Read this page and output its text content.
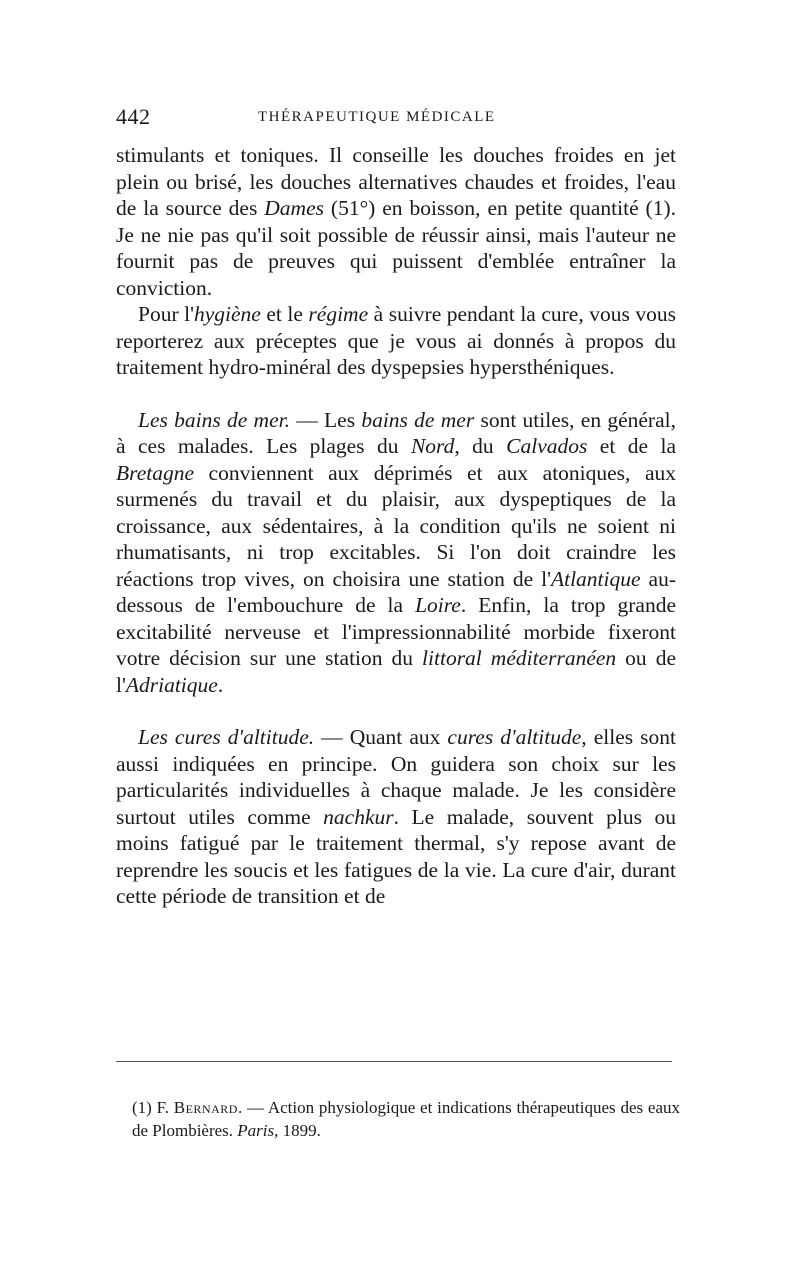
442	THÉRAPEUTIQUE MÉDICALE

stimulants et toniques. Il conseille les douches froides en jet plein ou brisé, les douches alternatives chaudes et froides, l'eau de la source des Dames (51°) en boisson, en petite quantité (1). Je ne nie pas qu'il soit possible de réussir ainsi, mais l'auteur ne fournit pas de preuves qui puissent d'emblée entraîner la conviction.

Pour l'hygiène et le régime à suivre pendant la cure, vous vous reporterez aux préceptes que je vous ai donnés à propos du traitement hydro-minéral des dyspepsies hypersthéniques.

Les bains de mer. — Les bains de mer sont utiles, en général, à ces malades. Les plages du Nord, du Calvados et de la Bretagne conviennent aux déprimés et aux atoniques, aux surmenés du travail et du plaisir, aux dyspeptiques de la croissance, aux sédentaires, à la condition qu'ils ne soient ni rhumatisants, ni trop excitables. Si l'on doit craindre les réactions trop vives, on choisira une station de l'Atlantique au-dessous de l'embouchure de la Loire. Enfin, la trop grande excitabilité nerveuse et l'impressionnabilité morbide fixeront votre décision sur une station du littoral méditerranéen ou de l'Adriatique.

Les cures d'altitude. — Quant aux cures d'altitude, elles sont aussi indiquées en principe. On guidera son choix sur les particularités individuelles à chaque malade. Je les considère surtout utiles comme nachkur. Le malade, souvent plus ou moins fatigué par le traitement thermal, s'y repose avant de reprendre les soucis et les fatigues de la vie. La cure d'air, durant cette période de transition et de

(1) F. Bernard. — Action physiologique et indications thérapeutiques des eaux de Plombières. Paris, 1899.
